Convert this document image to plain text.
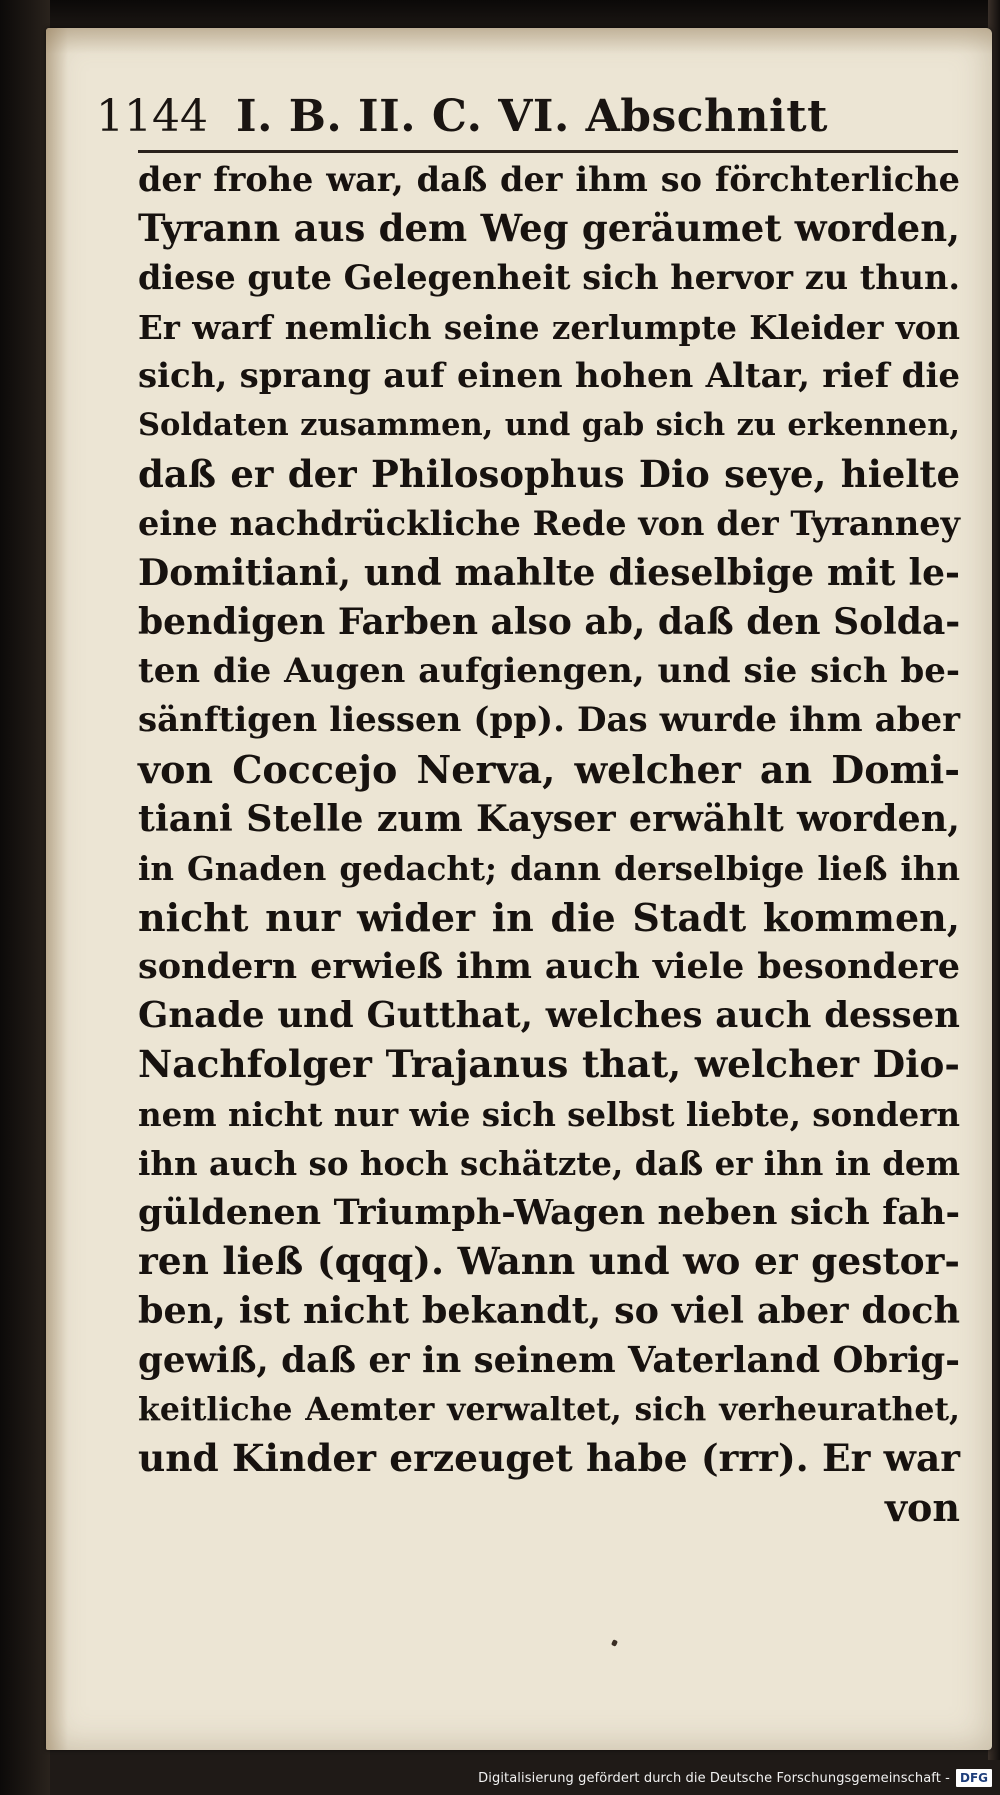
1144 I. B. II. C. VI. Abschnitt
der frohe war, daß der ihm so förchterliche
Tyrann aus dem Weg geräumet worden,
diese gute Gelegenheit sich hervor zu thun.
Er warf nemlich seine zerlumpte Kleider von
sich, sprang auf einen hohen Altar, rief die
Soldaten zusammen, und gab sich zu erkennen,
daß er der Philosophus Dio seye, hielte
eine nachdrückliche Rede von der Tyranney
Domitiani, und mahlte dieselbige mit le-
bendigen Farben also ab, daß den Solda-
ten die Augen aufgiengen, und sie sich be-
sänftigen liessen (pp). Das wurde ihm aber
von Coccejo Nerva, welcher an Domi-
tiani Stelle zum Kayser erwählt worden,
in Gnaden gedacht; dann derselbige ließ ihn
nicht nur wider in die Stadt kommen,
sondern erwieß ihm auch viele besondere
Gnade und Gutthat, welches auch dessen
Nachfolger Trajanus that, welcher Dio-
nem nicht nur wie sich selbst liebte, sondern
ihn auch so hoch schätzte, daß er ihn in dem
güldenen Triumph-Wagen neben sich fah-
ren ließ (qqq). Wann und wo er gestor-
ben, ist nicht bekandt, so viel aber doch
gewiß, daß er in seinem Vaterland Obrig-
keitliche Aemter verwaltet, sich verheurathet,
und Kinder erzeuget habe (rrr). Er war
von
Digitalisierung gefördert durch die Deutsche Forschungsgemeinschaft - DFG
